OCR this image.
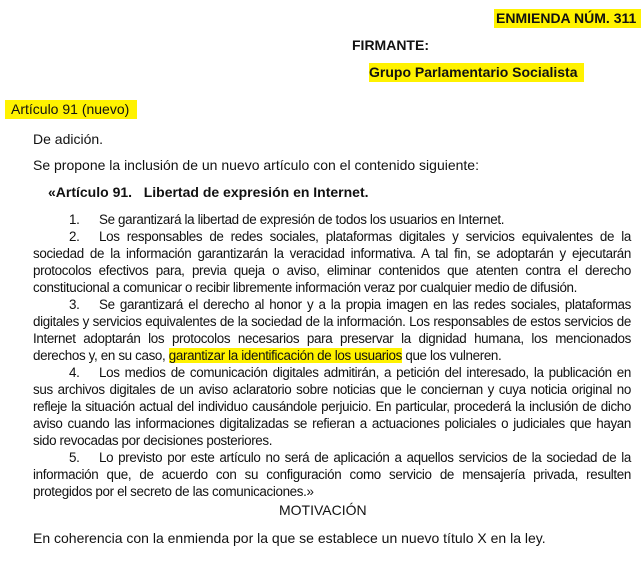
ENMIENDA NÚM. 311
FIRMANTE:
Grupo Parlamentario Socialista
Artículo 91 (nuevo)
De adición.
Se propone la inclusión de un nuevo artículo con el contenido siguiente:
«Artículo 91.   Libertad de expresión en Internet.

1. Se garantizará la libertad de expresión de todos los usuarios en Internet.

2. Los responsables de redes sociales, plataformas digitales y servicios equivalentes de la sociedad de la información garantizarán la veracidad informativa. A tal fin, se adoptarán y ejecutarán protocolos efectivos para, previa queja o aviso, eliminar contenidos que atenten contra el derecho constitucional a comunicar o recibir libremente información veraz por cualquier medio de difusión.

3. Se garantizará el derecho al honor y a la propia imagen en las redes sociales, plataformas digitales y servicios equivalentes de la sociedad de la información. Los responsables de estos servicios de Internet adoptarán los protocolos necesarios para preservar la dignidad humana, los mencionados derechos y, en su caso, garantizar la identificación de los usuarios que los vulneren.

4. Los medios de comunicación digitales admitirán, a petición del interesado, la publicación en sus archivos digitales de un aviso aclaratorio sobre noticias que le conciernan y cuya noticia original no refleje la situación actual del individuo causándole perjuicio. En particular, procederá la inclusión de dicho aviso cuando las informaciones digitalizadas se refieran a actuaciones policiales o judiciales que hayan sido revocadas por decisiones posteriores.

5. Lo previsto por este artículo no será de aplicación a aquellos servicios de la sociedad de la información que, de acuerdo con su configuración como servicio de mensajería privada, resulten protegidos por el secreto de las comunicaciones.»

MOTIVACIÓN
En coherencia con la enmienda por la que se establece un nuevo título X en la ley.
